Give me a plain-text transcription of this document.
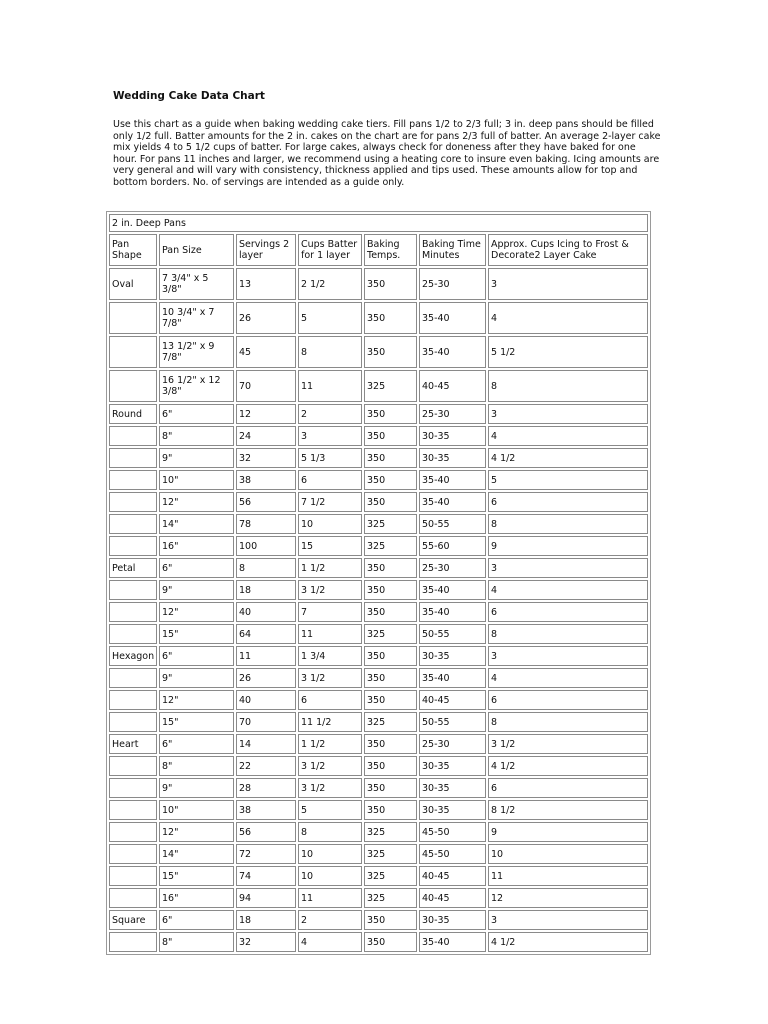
Wedding Cake Data Chart

Use this chart as a guide when baking wedding cake tiers. Fill pans 1/2 to 2/3 full; 3 in. deep pans should be filled only 1/2 full. Batter amounts for the 2 in. cakes on the chart are for pans 2/3 full of batter. An average 2-layer cake mix yields 4 to 5 1/2 cups of batter. For large cakes, always check for doneness after they have baked for one hour. For pans 11 inches and larger, we recommend using a heating core to insure even baking. Icing amounts are very general and will vary with consistency, thickness applied and tips used. These amounts allow for top and bottom borders. No. of servings are intended as a guide only.

2 in. Deep Pans						
Pan Shape	Pan Size	Servings 2 layer	Cups Batter for 1 layer	Baking Temps.	Baking Time Minutes	Approx. Cups Icing to Frost & Decorate2 Layer Cake
Oval	7 3/4" x 5 3/8"	13	2 1/2	350	25-30	3
	10 3/4" x 7 7/8"	26	5	350	35-40	4
	13 1/2" x 9 7/8"	45	8	350	35-40	5 1/2
	16 1/2" x 12 3/8"	70	11	325	40-45	8
Round	6"	12	2	350	25-30	3
	8"	24	3	350	30-35	4
	9"	32	5 1/3	350	30-35	4 1/2
	10"	38	6	350	35-40	5
	12"	56	7 1/2	350	35-40	6
	14"	78	10	325	50-55	8
	16"	100	15	325	55-60	9
Petal	6"	8	1 1/2	350	25-30	3
	9"	18	3 1/2	350	35-40	4
	12"	40	7	350	35-40	6
	15"	64	11	325	50-55	8
Hexagon	6"	11	1 3/4	350	30-35	3
	9"	26	3 1/2	350	35-40	4
	12"	40	6	350	40-45	6
	15"	70	11 1/2	325	50-55	8
Heart	6"	14	1 1/2	350	25-30	3 1/2
	8"	22	3 1/2	350	30-35	4 1/2
	9"	28	3 1/2	350	30-35	6
	10"	38	5	350	30-35	8 1/2
	12"	56	8	325	45-50	9
	14"	72	10	325	45-50	10
	15"	74	10	325	40-45	11
	16"	94	11	325	40-45	12
Square	6"	18	2	350	30-35	3
	8"	32	4	350	35-40	4 1/2
